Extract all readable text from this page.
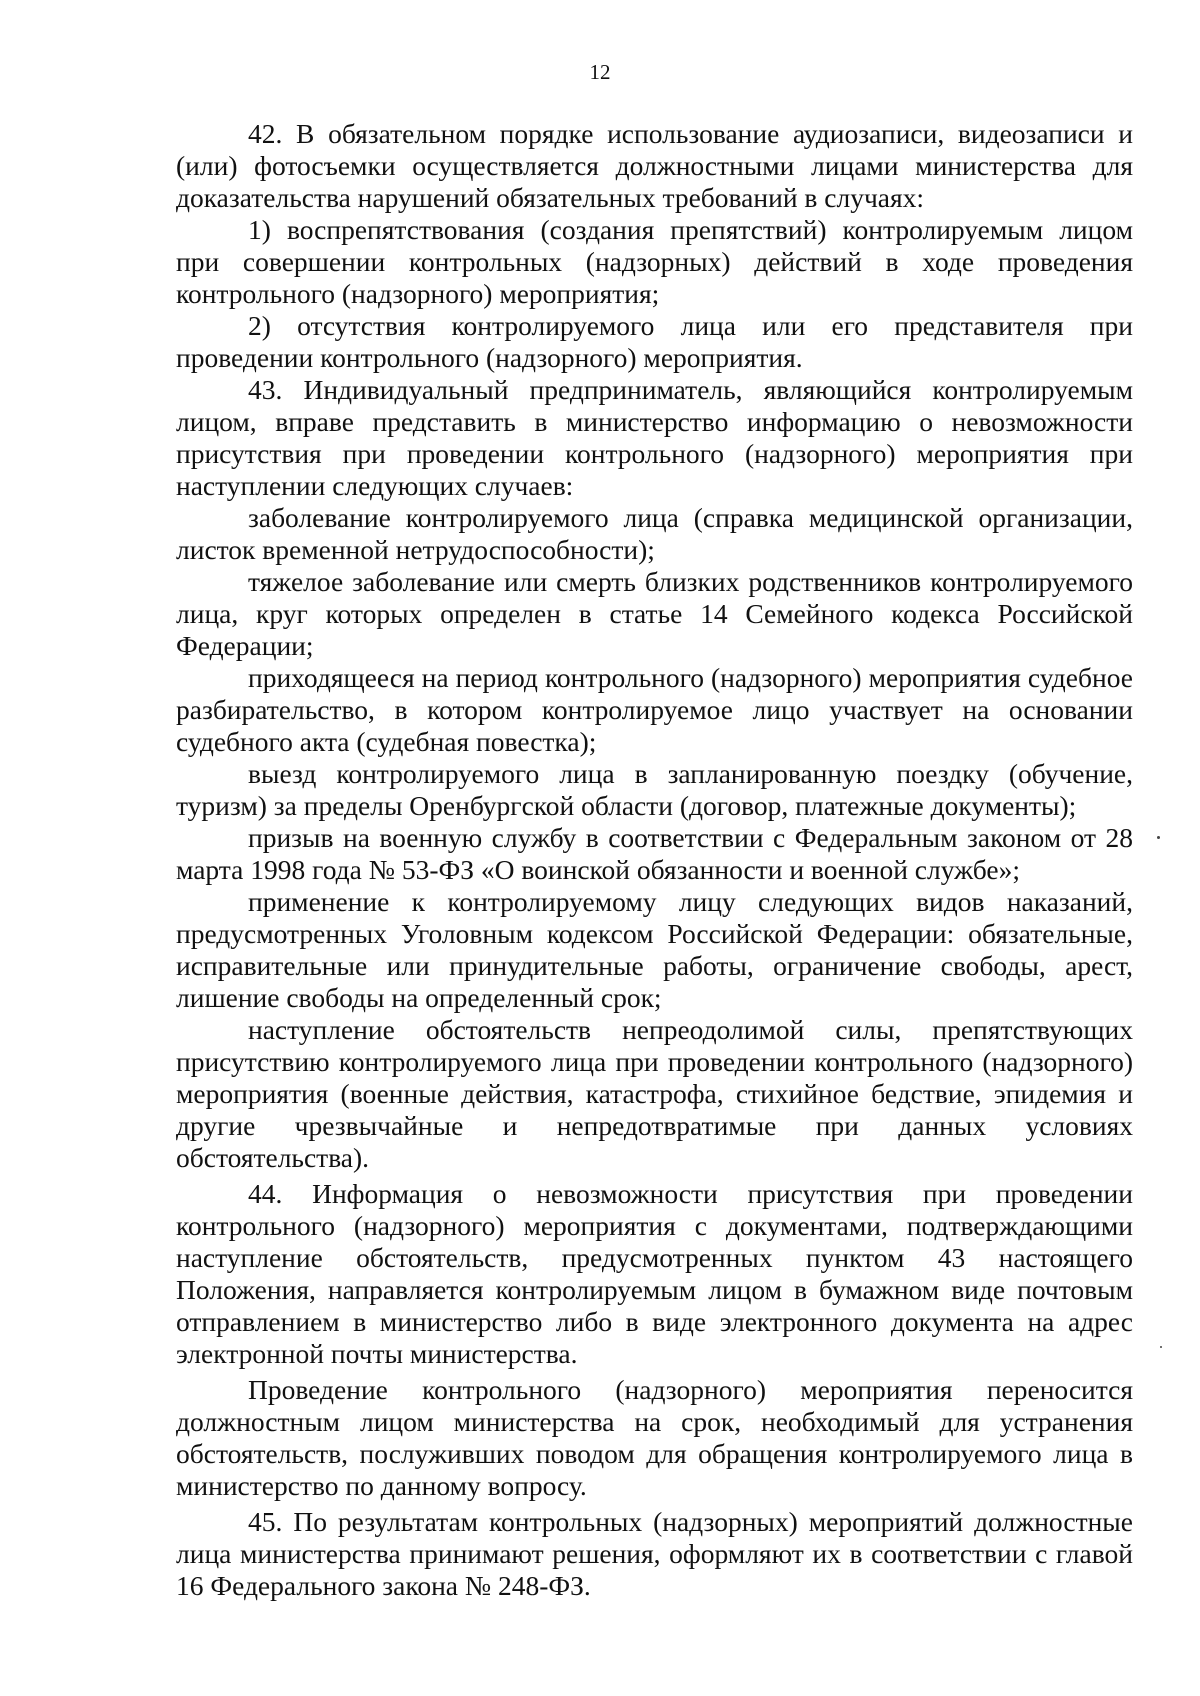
12

42. В обязательном порядке использование аудиозаписи, видеозаписи и (или) фотосъемки осуществляется должностными лицами министерства для доказательства нарушений обязательных требований в случаях:

1) воспрепятствования (создания препятствий) контролируемым лицом при совершении контрольных (надзорных) действий в ходе проведения контрольного (надзорного) мероприятия;

2) отсутствия контролируемого лица или его представителя при проведении контрольного (надзорного) мероприятия.

43. Индивидуальный предприниматель, являющийся контролируемым лицом, вправе представить в министерство информацию о невозможности присутствия при проведении контрольного (надзорного) мероприятия при наступлении следующих случаев:

заболевание контролируемого лица (справка медицинской организации, листок временной нетрудоспособности);

тяжелое заболевание или смерть близких родственников контролируемого лица, круг которых определен в статье 14 Семейного кодекса Российской Федерации;

приходящееся на период контрольного (надзорного) мероприятия судебное разбирательство, в котором контролируемое лицо участвует на основании судебного акта (судебная повестка);

выезд контролируемого лица в запланированную поездку (обучение, туризм) за пределы Оренбургской области (договор, платежные документы);

призыв на военную службу в соответствии с Федеральным законом от 28 марта 1998 года № 53-ФЗ «О воинской обязанности и военной службе»;

применение к контролируемому лицу следующих видов наказаний, предусмотренных Уголовным кодексом Российской Федерации: обязательные, исправительные или принудительные работы, ограничение свободы, арест, лишение свободы на определенный срок;

наступление обстоятельств непреодолимой силы, препятствующих присутствию контролируемого лица при проведении контрольного (надзорного) мероприятия (военные действия, катастрофа, стихийное бедствие, эпидемия и другие чрезвычайные и непредотвратимые при данных условиях обстоятельства).

44. Информация о невозможности присутствия при проведении контрольного (надзорного) мероприятия с документами, подтверждающими наступление обстоятельств, предусмотренных пунктом 43 настоящего Положения, направляется контролируемым лицом в бумажном виде почтовым отправлением в министерство либо в виде электронного документа на адрес электронной почты министерства.

Проведение контрольного (надзорного) мероприятия переносится должностным лицом министерства на срок, необходимый для устранения обстоятельств, послуживших поводом для обращения контролируемого лица в министерство по данному вопросу.

45. По результатам контрольных (надзорных) мероприятий должностные лица министерства принимают решения, оформляют их в соответствии с главой 16 Федерального закона № 248-ФЗ.
